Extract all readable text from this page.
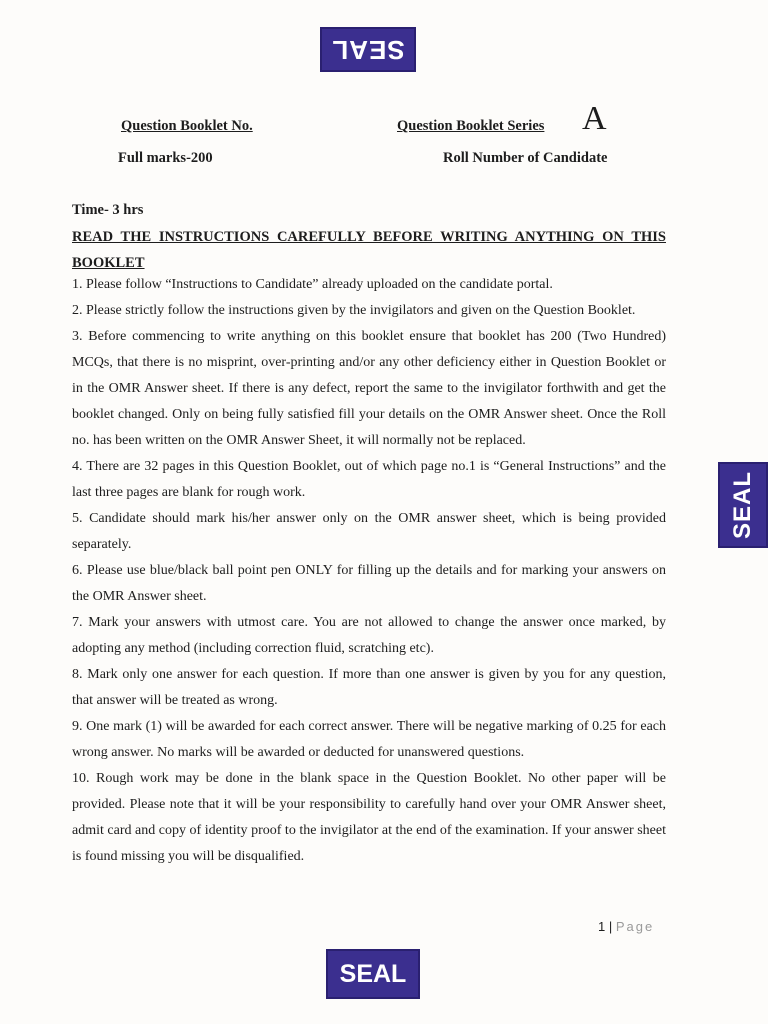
SEAL
Question Booklet No.	Question Booklet Series A
Full marks-200	Roll Number of Candidate
Time- 3 hrs
READ THE INSTRUCTIONS CAREFULLY BEFORE WRITING ANYTHING ON THIS BOOKLET

1. Please follow “Instructions to Candidate” already uploaded on the candidate portal.

2. Please strictly follow the instructions given by the invigilators and given on the Question Booklet.

3. Before commencing to write anything on this booklet ensure that booklet has 200 (Two Hundred) MCQs, that there is no misprint, over-printing and/or any other deficiency either in Question Booklet or in the OMR Answer sheet. If there is any defect, report the same to the invigilator forthwith and get the booklet changed. Only on being fully satisfied fill your details on the OMR Answer sheet. Once the Roll no. has been written on the OMR Answer Sheet, it will normally not be replaced.

4. There are 32 pages in this Question Booklet, out of which page no.1 is “General Instructions” and the last three pages are blank for rough work.

5. Candidate should mark his/her answer only on the OMR answer sheet, which is being provided separately.

6. Please use blue/black ball point pen ONLY for filling up the details and for marking your answers on the OMR Answer sheet.

7. Mark your answers with utmost care. You are not allowed to change the answer once marked, by adopting any method (including correction fluid, scratching etc).

8. Mark only one answer for each question. If more than one answer is given by you for any question, that answer will be treated as wrong.

9. One mark (1) will be awarded for each correct answer. There will be negative marking of 0.25 for each wrong answer. No marks will be awarded or deducted for unanswered questions.

10. Rough work may be done in the blank space in the Question Booklet. No other paper will be provided. Please note that it will be your responsibility to carefully hand over your OMR Answer sheet, admit card and copy of identity proof to the invigilator at the end of the examination. If your answer sheet is found missing you will be disqualified.

SEAL
1 | Page
SEAL
